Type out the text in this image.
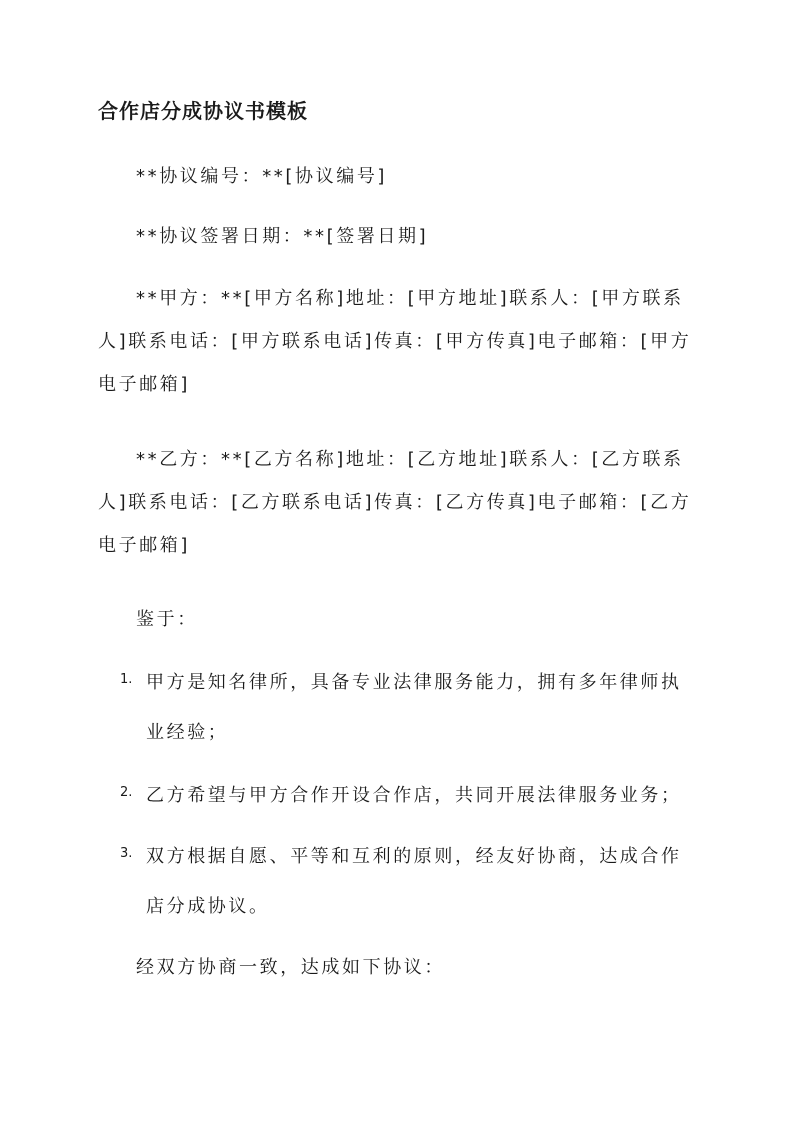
合作店分成协议书模板

**协议编号：**[协议编号]

**协议签署日期：**[签署日期]

**甲方：**[甲方名称]地址：[甲方地址]联系人：[甲方联系人]联系电话：[甲方联系电话]传真：[甲方传真]电子邮箱：[甲方电子邮箱]

**乙方：**[乙方名称]地址：[乙方地址]联系人：[乙方联系人]联系电话：[乙方联系电话]传真：[乙方传真]电子邮箱：[乙方电子邮箱]

鉴于：

1. 甲方是知名律所，具备专业法律服务能力，拥有多年律师执业经验；

2. 乙方希望与甲方合作开设合作店，共同开展法律服务业务；

3. 双方根据自愿、平等和互利的原则，经友好协商，达成合作店分成协议。

经双方协商一致，达成如下协议：
